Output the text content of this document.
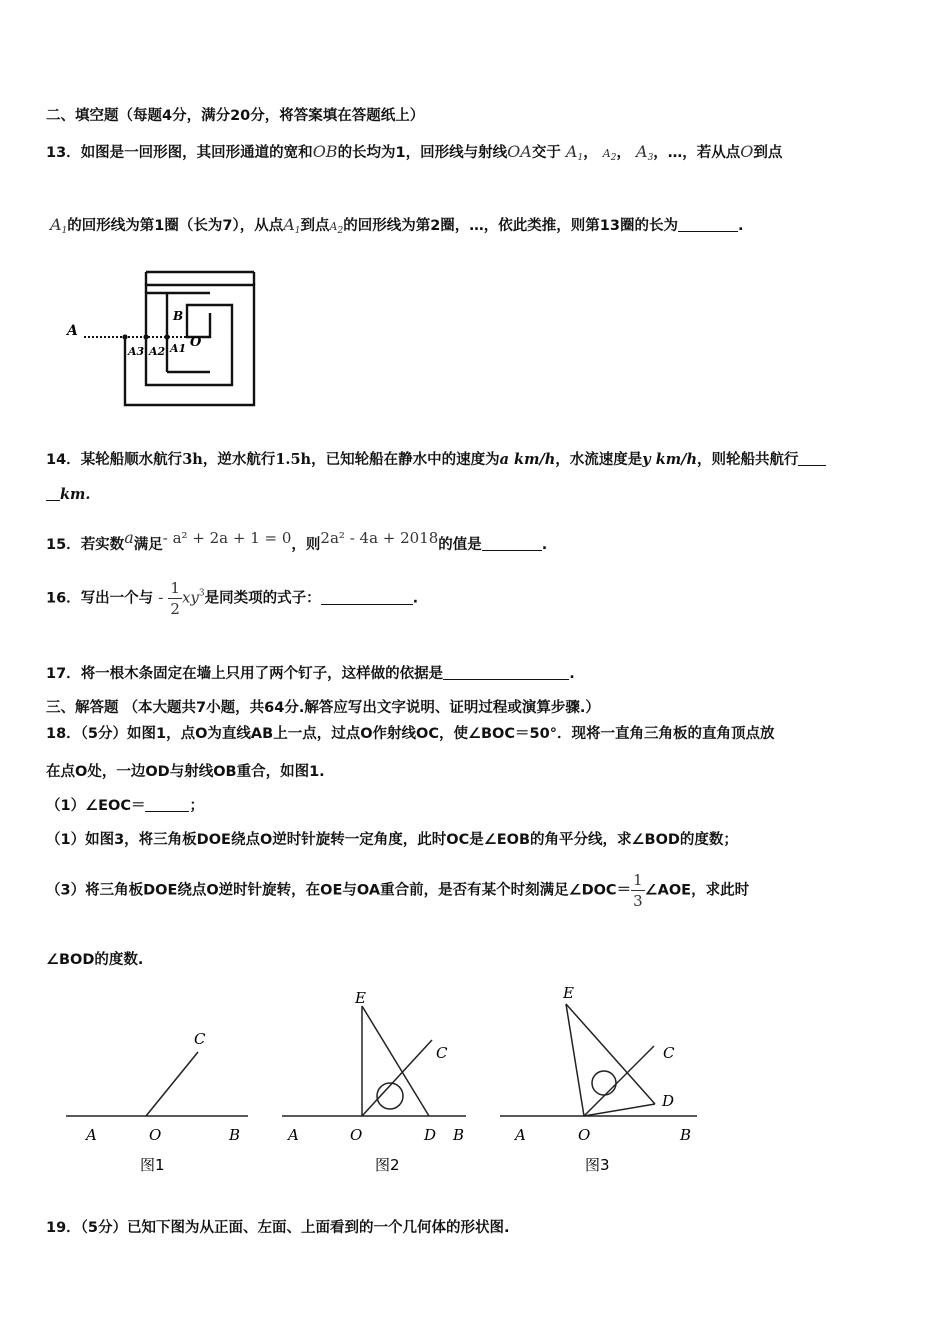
二、填空题（每题4分，满分20分，将答案填在答题纸上）
13．如图是一回形图，其回形通道的宽和OB的长均为1，回形线与射线OA交于 $A_1$， $A_2$， $A_3$，…，若从点O到点
$A_1$的回形线为第1圈（长为7），从点$A_1$到点$A_2$的回形线为第2圈，…，依此类推，则第13圈的长为	.
A
A3 A2 A1
B
O
14．某轮船顺水航行3h，逆水航行1.5h，已知轮船在静水中的速度为a km/h，水流速度是y km/h，则轮船共航行
km.
15．若实数a满足- a² + 2a + 1 = 0，则2a² - 4a + 2018的值是	.
16．写出一个与 - $\frac{1}{2} xy^3$是同类项的式子：	.
17．将一根木条固定在墙上只用了两个钉子，这样做的依据是	.
三、解答题 （本大题共7小题，共64分.解答应写出文字说明、证明过程或演算步骤.）
18．（5分）如图1，点O为直线AB上一点，过点O作射线OC，使∠BOC＝50°．现将一直角三角板的直角顶点放
在点O处，一边OD与射线OB重合，如图1.
（1）∠EOC＝	；
（1）如图3，将三角板DOE绕点O逆时针旋转一定角度，此时OC是∠EOB的角平分线，求∠BOD的度数；
（3）将三角板DOE绕点O逆时针旋转，在OE与OA重合前，是否有某个时刻满足∠DOC＝ $\frac{1}{3}$ ∠AOE，求此时
∠BOD的度数.
C
A	O	B
图1
E
C
A	O	D B
图2
E
C
D
A	O	B
图3
19．（5分）已知下图为从正面、左面、上面看到的一个几何体的形状图.
